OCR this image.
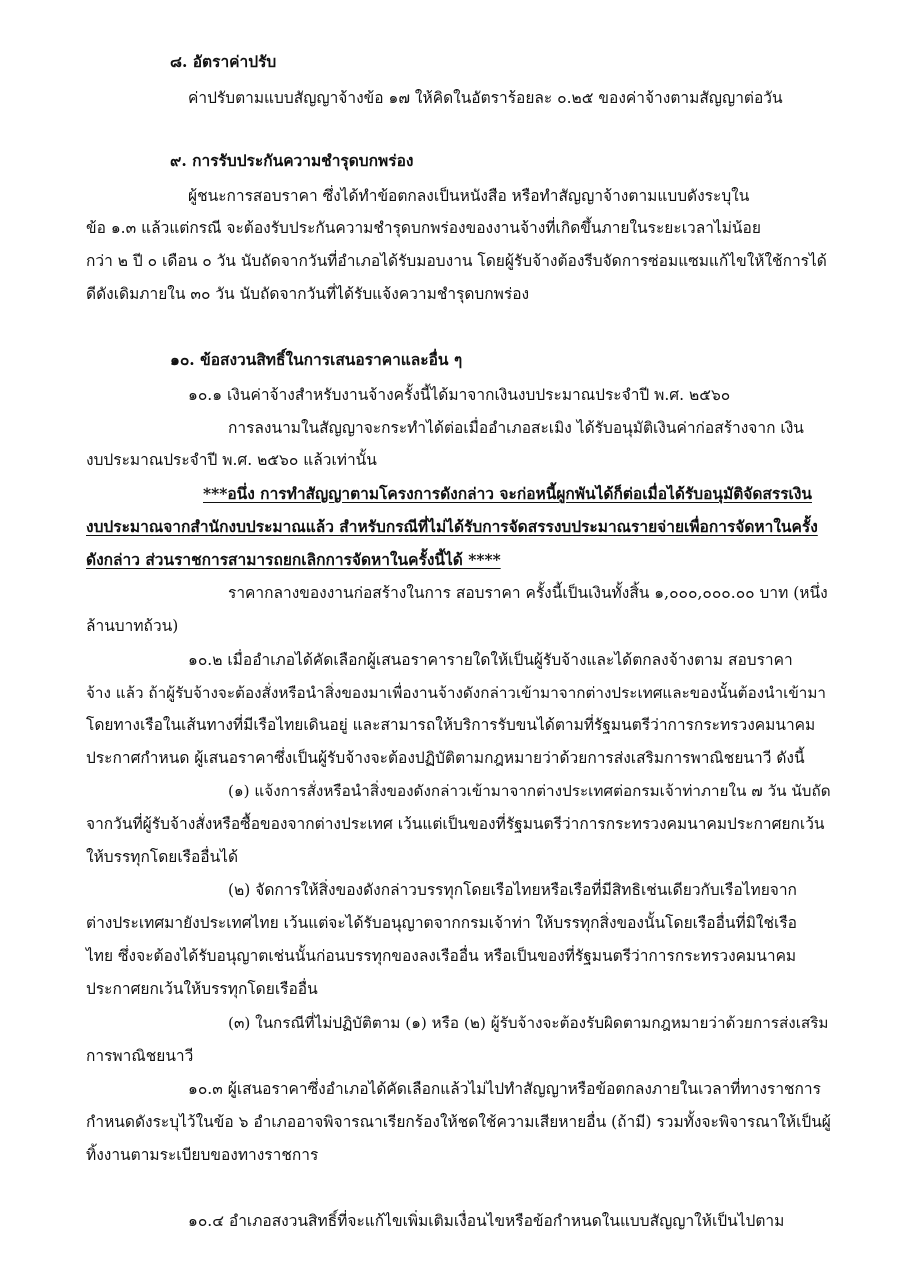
๘. อัตราค่าปรับ
ค่าปรับตามแบบสัญญาจ้างข้อ ๑๗ ให้คิดในอัตราร้อยละ ๐.๒๕ ของค่าจ้างตามสัญญาต่อวัน
๙. การรับประกันความชำรุดบกพร่อง
ผู้ชนะการสอบราคา ซึ่งได้ทำข้อตกลงเป็นหนังสือ หรือทำสัญญาจ้างตามแบบดังระบุใน
ข้อ ๑.๓ แล้วแต่กรณี จะต้องรับประกันความชำรุดบกพร่องของงานจ้างที่เกิดขึ้นภายในระยะเวลาไม่น้อย
กว่า ๒ ปี ๐ เดือน ๐ วัน นับถัดจากวันที่อำเภอได้รับมอบงาน โดยผู้รับจ้างต้องรีบจัดการซ่อมแซมแก้ไขให้ใช้การได้
ดีดังเดิมภายใน ๓๐ วัน นับถัดจากวันที่ได้รับแจ้งความชำรุดบกพร่อง
๑๐. ข้อสงวนสิทธิ์ในการเสนอราคาและอื่น ๆ
๑๐.๑ เงินค่าจ้างสำหรับงานจ้างครั้งนี้ได้มาจากเงินงบประมาณประจำปี พ.ศ. ๒๕๖๐
การลงนามในสัญญาจะกระทำได้ต่อเมื่ออำเภอสะเมิง ได้รับอนุมัติเงินค่าก่อสร้างจาก เงิน
งบประมาณประจำปี พ.ศ. ๒๕๖๐ แล้วเท่านั้น
***อนึ่ง การทำสัญญาตามโครงการดังกล่าว จะก่อหนี้ผูกพันได้ก็ต่อเมื่อได้รับอนุมัติจัดสรรเงิน
งบประมาณจากสำนักงบประมาณแล้ว สำหรับกรณีที่ไม่ได้รับการจัดสรรงบประมาณรายจ่ายเพื่อการจัดหาในครั้ง
ดังกล่าว ส่วนราชการสามารถยกเลิกการจัดหาในครั้งนี้ได้ ****
ราคากลางของงานก่อสร้างในการ สอบราคา ครั้งนี้เป็นเงินทั้งสิ้น ๑,๐๐๐,๐๐๐.๐๐ บาท (หนึ่ง
ล้านบาทถ้วน)
๑๐.๒ เมื่ออำเภอได้คัดเลือกผู้เสนอราคารายใดให้เป็นผู้รับจ้างและได้ตกลงจ้างตาม สอบราคา
จ้าง แล้ว ถ้าผู้รับจ้างจะต้องสั่งหรือนำสิ่งของมาเพื่องานจ้างดังกล่าวเข้ามาจากต่างประเทศและของนั้นต้องนำเข้ามา
โดยทางเรือในเส้นทางที่มีเรือไทยเดินอยู่ และสามารถให้บริการรับขนได้ตามที่รัฐมนตรีว่าการกระทรวงคมนาคม
ประกาศกำหนด ผู้เสนอราคาซึ่งเป็นผู้รับจ้างจะต้องปฏิบัติตามกฎหมายว่าด้วยการส่งเสริมการพาณิชยนาวี ดังนี้
(๑) แจ้งการสั่งหรือนำสิ่งของดังกล่าวเข้ามาจากต่างประเทศต่อกรมเจ้าท่าภายใน ๗ วัน นับถัด
จากวันที่ผู้รับจ้างสั่งหรือซื้อของจากต่างประเทศ เว้นแต่เป็นของที่รัฐมนตรีว่าการกระทรวงคมนาคมประกาศยกเว้น
ให้บรรทุกโดยเรืออื่นได้
(๒) จัดการให้สิ่งของดังกล่าวบรรทุกโดยเรือไทยหรือเรือที่มีสิทธิเช่นเดียวกับเรือไทยจาก
ต่างประเทศมายังประเทศไทย เว้นแต่จะได้รับอนุญาตจากกรมเจ้าท่า ให้บรรทุกสิ่งของนั้นโดยเรืออื่นที่มิใช่เรือ
ไทย ซึ่งจะต้องได้รับอนุญาตเช่นนั้นก่อนบรรทุกของลงเรืออื่น หรือเป็นของที่รัฐมนตรีว่าการกระทรวงคมนาคม
ประกาศยกเว้นให้บรรทุกโดยเรืออื่น
(๓) ในกรณีที่ไม่ปฏิบัติตาม (๑) หรือ (๒) ผู้รับจ้างจะต้องรับผิดตามกฎหมายว่าด้วยการส่งเสริม
การพาณิชยนาวี
๑๐.๓ ผู้เสนอราคาซึ่งอำเภอได้คัดเลือกแล้วไม่ไปทำสัญญาหรือข้อตกลงภายในเวลาที่ทางราชการ
กำหนดดังระบุไว้ในข้อ ๖ อำเภออาจพิจารณาเรียกร้องให้ชดใช้ความเสียหายอื่น (ถ้ามี) รวมทั้งจะพิจารณาให้เป็นผู้
ทิ้งงานตามระเบียบของทางราชการ
๑๐.๔ อำเภอสงวนสิทธิ์ที่จะแก้ไขเพิ่มเติมเงื่อนไขหรือข้อกำหนดในแบบสัญญาให้เป็นไปตาม
